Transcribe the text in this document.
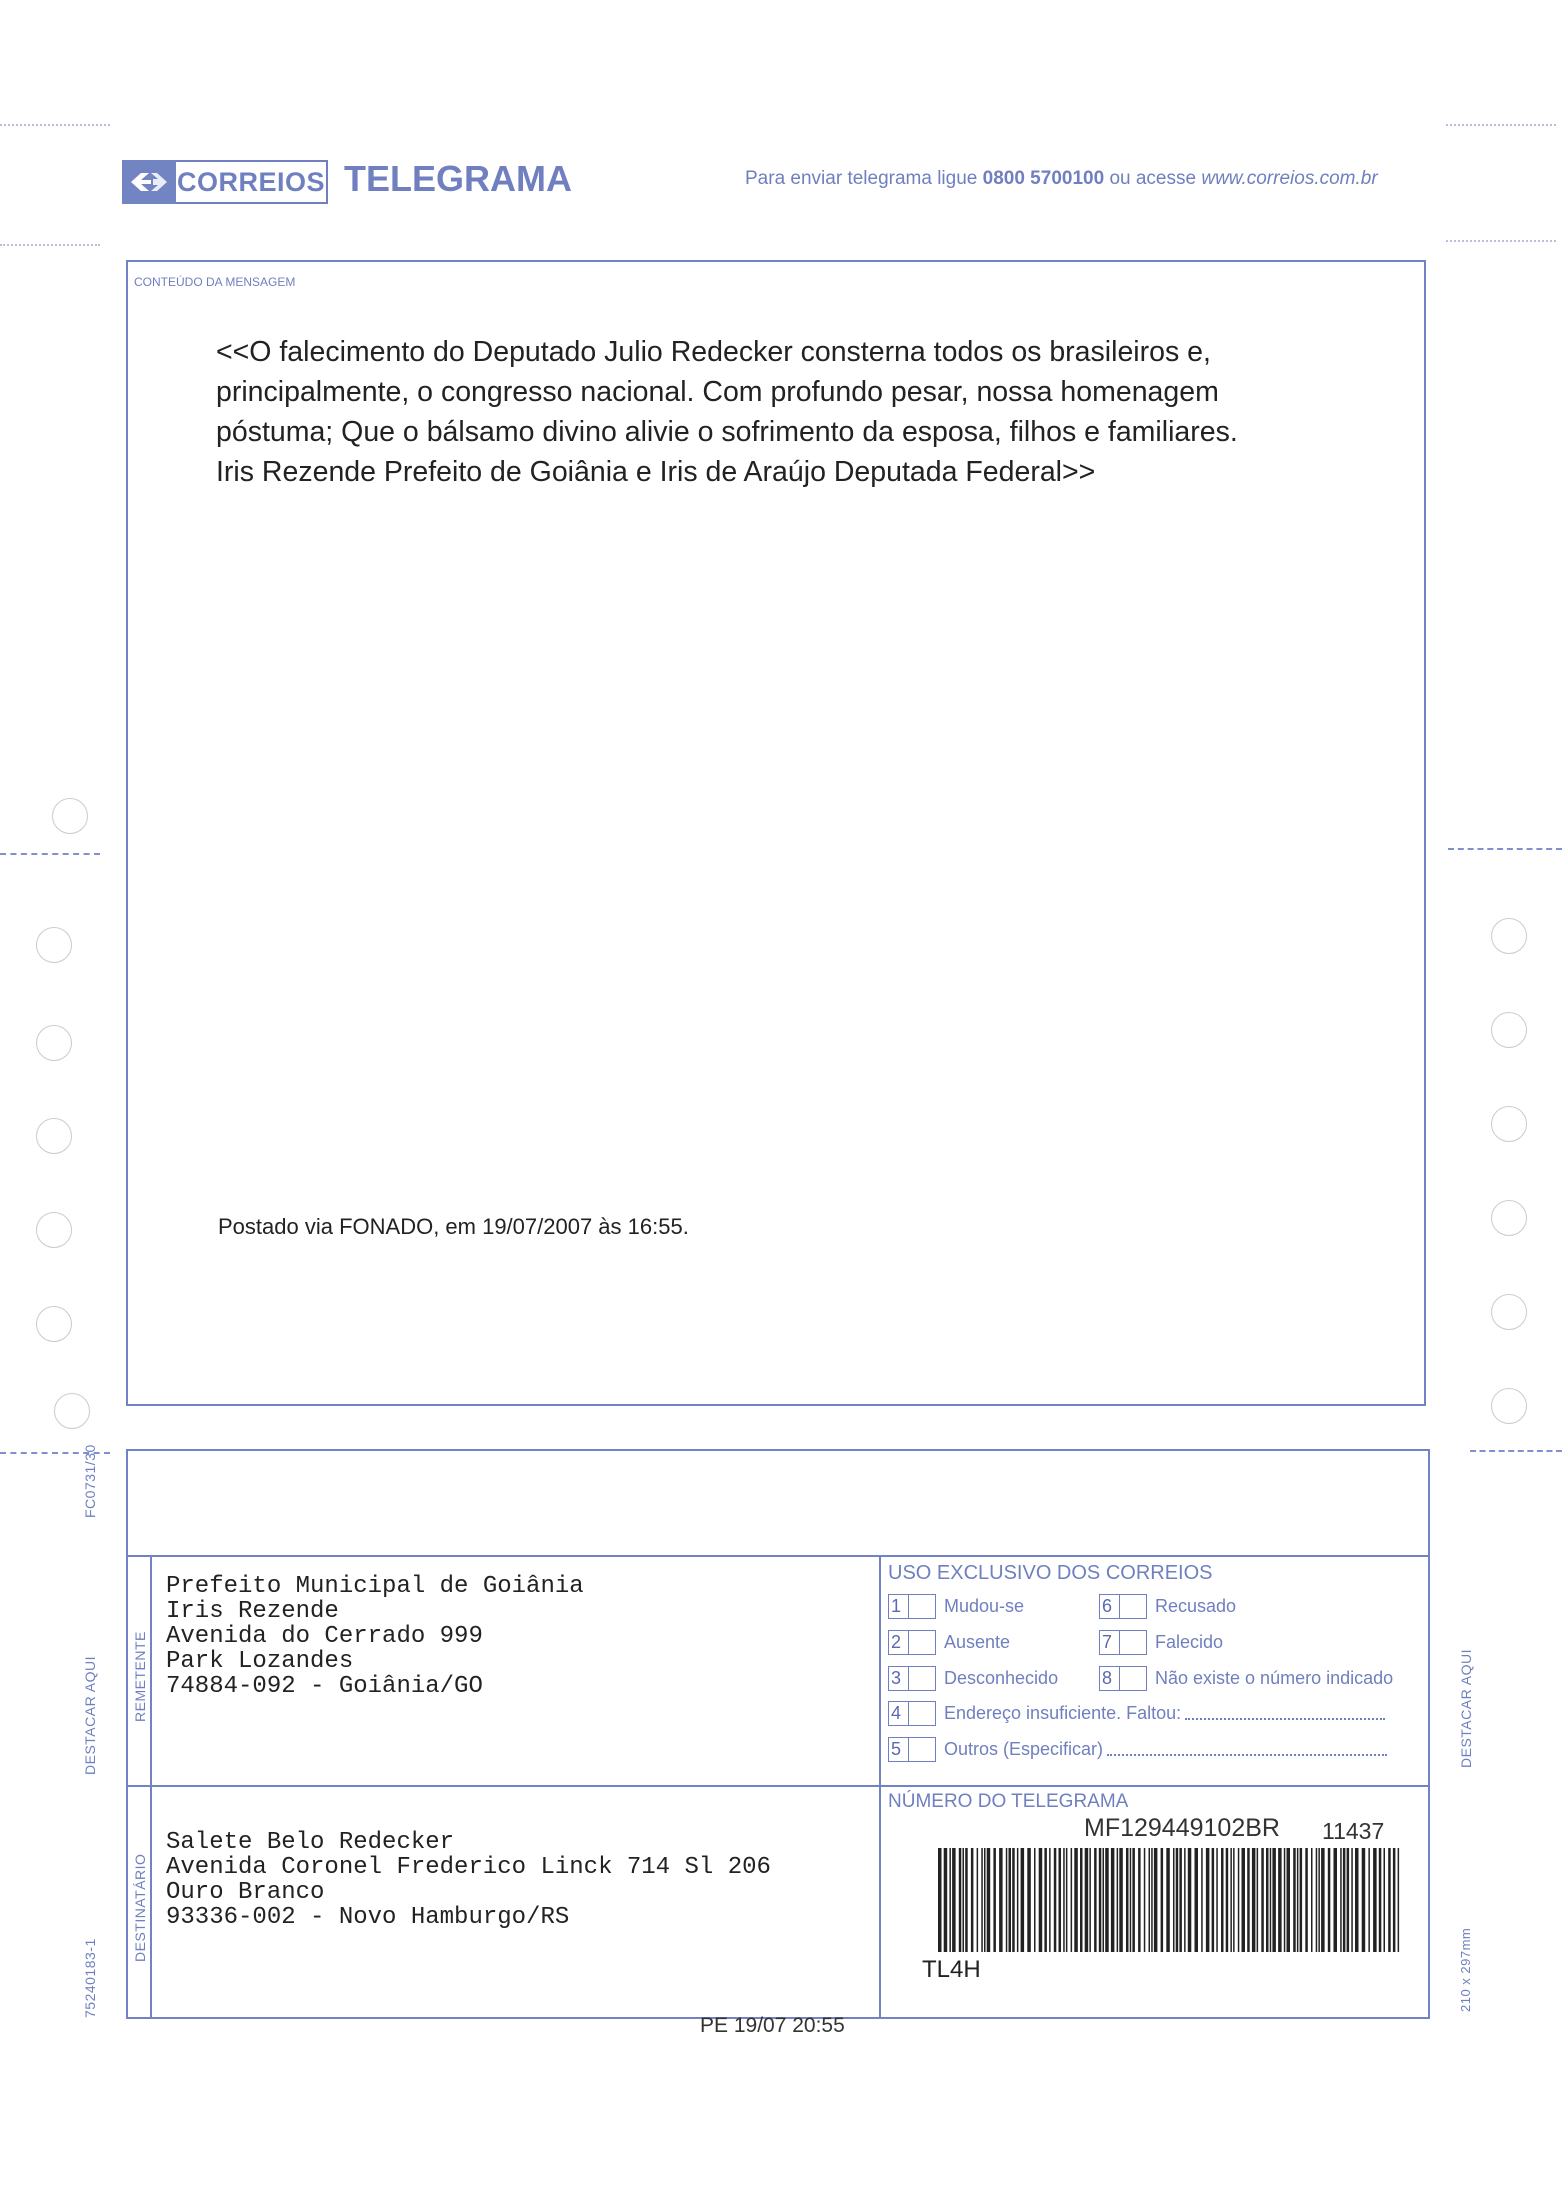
CORREIOS TELEGRAMA	Para enviar telegrama ligue 0800 5700100 ou acesse www.correios.com.br
CONTEÚDO DA MENSAGEM
<<O falecimento do Deputado Julio Redecker consterna todos os brasileiros e,
principalmente, o congresso nacional. Com profundo pesar, nossa homenagem
póstuma; Que o bálsamo divino alivie o sofrimento da esposa, filhos e familiares.
Iris Rezende Prefeito de Goiânia e Iris de Araújo Deputada Federal>>
Postado via FONADO, em 19/07/2007 às 16:55.
FC0731/30
DESTACAR AQUI
75240183-1
DESTACAR AQUI
210 x 297mm
REMETENTE
Prefeito Municipal de Goiânia
Iris Rezende
Avenida do Cerrado 999
Park Lozandes
74884-092 - Goiânia/GO
DESTINATÁRIO
Salete Belo Redecker
Avenida Coronel Frederico Linck 714 Sl 206
Ouro Branco
93336-002 - Novo Hamburgo/RS
USO EXCLUSIVO DOS CORREIOS
1	Mudou-se	6	Recusado
2	Ausente	7	Falecido
3	Desconhecido 8	Não existe o número indicado
4	Endereço insuficiente. Faltou:
5	Outros (Especificar)
NÚMERO DO TELEGRAMA
MF129449102BR 11437
TL4H
PE 19/07 20:55
